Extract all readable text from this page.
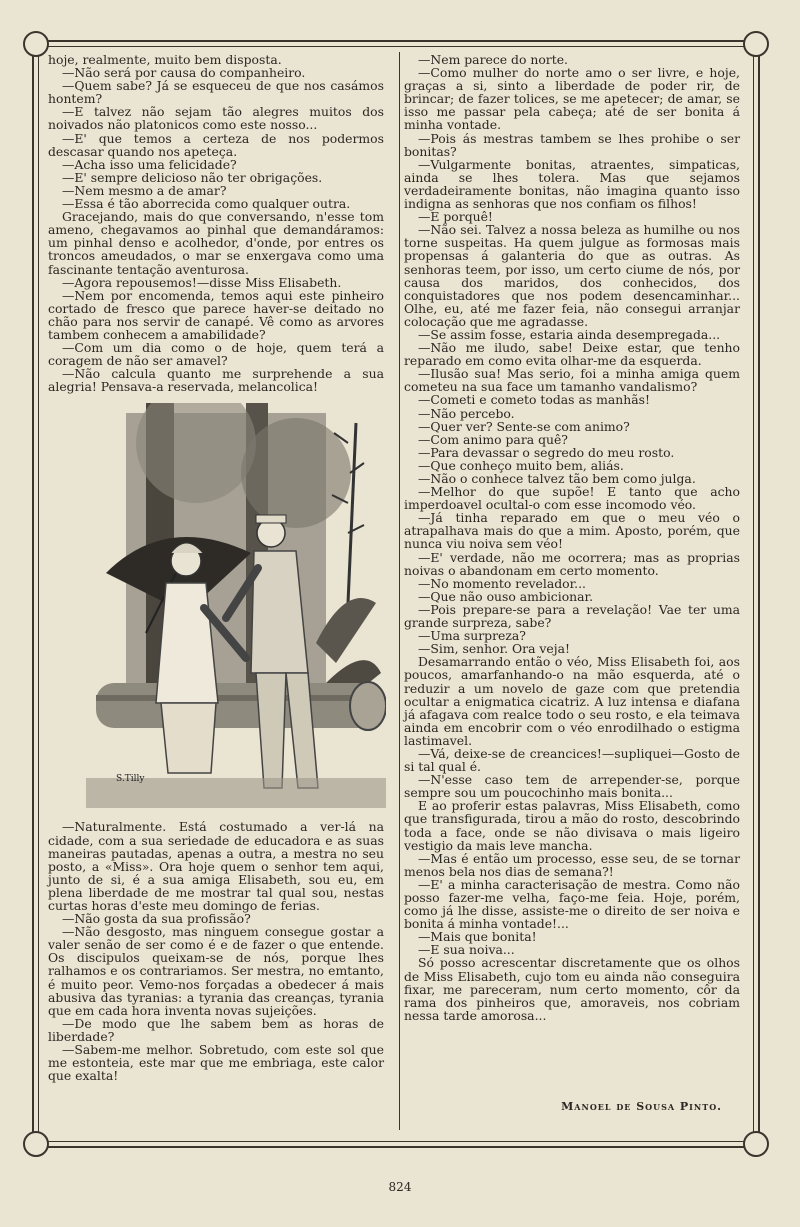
hoje, realmente, muito bem disposta.

—Não será por causa do companheiro.

—Quem sabe? Já se esqueceu de que nos casámos hontem?

—E talvez não sejam tão alegres muitos dos noivados não platonicos como este nosso...

—E' que temos a certeza de nos podermos descasar quando nos apeteça.

—Acha isso uma felicidade?

—E' sempre delicioso não ter obrigações.

—Nem mesmo a de amar?

—Essa é tão aborrecida como qualquer outra.

Gracejando, mais do que conversando, n'esse tom ameno, chegavamos ao pinhal que demandáramos: um pinhal denso e acolhedor, d'onde, por entres os troncos ameudados, o mar se enxergava como uma fascinante tentação aventurosa.

—Agora repousemos!—disse Miss Elisabeth.

—Nem por encomenda, temos aqui este pinheiro cortado de fresco que parece haver-se deitado no chão para nos servir de canapé. Vê como as arvores tambem conhecem a amabilidade?

—Com um dia como o de hoje, quem terá a coragem de não ser amavel?

—Não calcula quanto me surprehende a sua alegria! Pensava-a reservada, melancolica!

S.Tilly

—Naturalmente. Está costumado a ver-lá na cidade, com a sua seriedade de educadora e as suas maneiras pautadas, apenas a outra, a mestra no seu posto, a «Miss». Ora hoje quem o senhor tem aqui, junto de si, é a sua amiga Elisabeth, sou eu, em plena liberdade de me mostrar tal qual sou, nestas curtas horas d'este meu domingo de ferias.

—Não gosta da sua profissão?

—Não desgosto, mas ninguem consegue gostar a valer senão de ser como é e de fazer o que entende. Os discipulos queixam-se de nós, porque lhes ralhamos e os contrariamos. Ser mestra, no emtanto, é muito peor. Vemo-nos forçadas a obedecer á mais abusiva das tyranias: a tyrania das creanças, tyrania que em cada hora inventa novas sujeições.

—De modo que lhe sabem bem as horas de liberdade?

—Sabem-me melhor. Sobretudo, com este sol que me estonteia, este mar que me embriaga, este calor que exalta!

—Nem parece do norte.

—Como mulher do norte amo o ser livre, e hoje, graças a si, sinto a liberdade de poder rir, de brincar; de fazer tolices, se me apetecer; de amar, se isso me passar pela cabeça; até de ser bonita á minha vontade.

—Pois ás mestras tambem se lhes prohibe o ser bonitas?

—Vulgarmente bonitas, atraentes, simpaticas, ainda se lhes tolera. Mas que sejamos verdadeiramente bonitas, não imagina quanto isso indigna as senhoras que nos confiam os filhos!

—E porquê!

—Não sei. Talvez a nossa beleza as humilhe ou nos torne suspeitas. Ha quem julgue as formosas mais propensas á galanteria do que as outras. As senhoras teem, por isso, um certo ciume de nós, por causa dos maridos, dos conhecidos, dos conquistadores que nos podem desencaminhar... Olhe, eu, até me fazer feia, não consegui arranjar colocação que me agradasse.

—Se assim fosse, estaria ainda desempregada...

—Não me iludo, sabe! Deixe estar, que tenho reparado em como evita olhar-me da esquerda.

—Ilusão sua! Mas serio, foi a minha amiga quem cometeu na sua face um tamanho vandalismo?

—Cometi e cometo todas as manhãs!

—Não percebo.

—Quer ver? Sente-se com animo?

—Com animo para quê?

—Para devassar o segredo do meu rosto.

—Que conheço muito bem, aliás.

—Não o conhece talvez tão bem como julga.

—Melhor do que supõe! E tanto que acho imperdoavel ocultal-o com esse incomodo véo.

—Já tinha reparado em que o meu véo o atrapalhava mais do que a mim. Aposto, porém, que nunca viu noiva sem véo!

—E' verdade, não me ocorrera; mas as proprias noivas o abandonam em certo momento.

—No momento revelador...

—Que não ouso ambicionar.

—Pois prepare-se para a revelação! Vae ter uma grande surpreza, sabe?

—Uma surpreza?

—Sim, senhor. Ora veja!

Desamarrando então o véo, Miss Elisabeth foi, aos poucos, amarfanhando-o na mão esquerda, até o reduzir a um novelo de gaze com que pretendia ocultar a enigmatica cicatriz. A luz intensa e diafana já afagava com realce todo o seu rosto, e ela teimava ainda em encobrir com o véo enrodilhado o estigma lastimavel.

—Vá, deixe-se de creancices!—supliquei—Gosto de si tal qual é.

—N'esse caso tem de arrepender-se, porque sempre sou um poucochinho mais bonita...

E ao proferir estas palavras, Miss Elisabeth, como que transfigurada, tirou a mão do rosto, descobrindo toda a face, onde se não divisava o mais ligeiro vestigio da mais leve mancha.

—Mas é então um processo, esse seu, de se tornar menos bela nos dias de semana?!

—E' a minha caracterisação de mestra. Como não posso fazer-me velha, faço-me feia. Hoje, porém, como já lhe disse, assiste-me o direito de ser noiva e bonita á minha vontade!...

—Mais que bonita!

—E sua noiva...

Só posso acrescentar discretamente que os olhos de Miss Elisabeth, cujo tom eu ainda não conseguira fixar, me pareceram, num certo momento, côr da rama dos pinheiros que, amoraveis, nos cobriam nessa tarde amorosa...

Manoel de Sousa Pinto.
824
